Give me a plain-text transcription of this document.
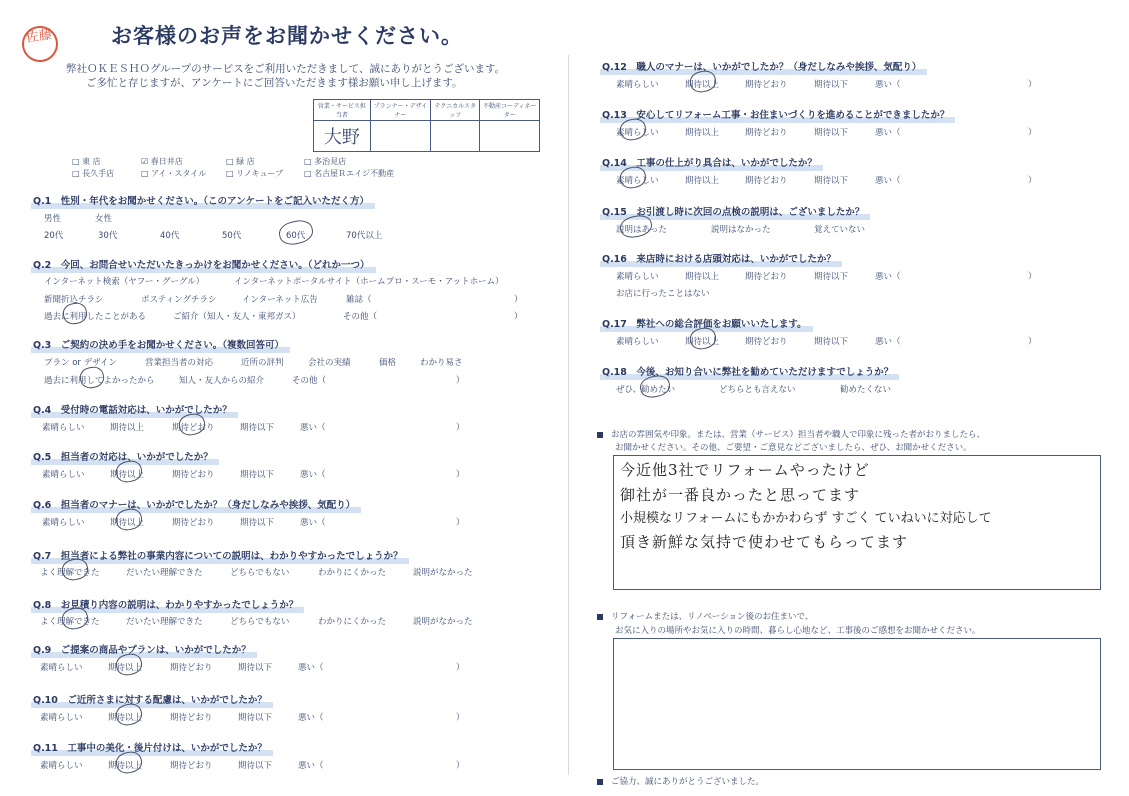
佐藤	お客様のお声をお聞かせください。
弊社ＯＫＥＳＨＯグループのサービスをご利用いただきまして、誠にありがとうございます。
ご多忙と存じますが、アンケートにご回答いただきます様お願い申し上げます。
営業・サービス担当者	プランナー・デザイナー	テクニカルスタッフ	不動産コーディネーター
大野			
□ 東 店	☑ 春日井店	□ 緑 店	□ 多治見店
□ 長久手店	□ アイ・スタイル □ リノキューブ	□ 名古屋Ｒエイジ不動産
Q.1　性別・年代をお聞かせください。（このアンケートをご記入いただく方）
男性	女性
20代	30代	40代	50代	60代	70代以上
Q.2　今回、お問合せいただいたきっかけをお聞かせください。（どれか一つ）
インターネット検索（ヤフー・グーグル）	インターネットポータルサイト（ホームプロ・スーモ・アットホーム）
新聞折込チラシ	ポスティングチラシ	インターネット広告	雑誌（	）
過去に利用したことがある	ご紹介（知人・友人・東邦ガス）	その他（	）
Q.3　ご契約の決め手をお聞かせください。（複数回答可）
プラン or デザイン	営業担当者の対応	近所の評判	会社の実績	価格	わかり易さ
過去に利用してよかったから	知人・友人からの紹介	その他（	）
Q.4　受付時の電話対応は、いかがでしたか？
素晴らしい	期待以上	期待どおり	期待以下	悪い（	）
Q.5　担当者の対応は、いかがでしたか？
素晴らしい	期待以上	期待どおり	期待以下	悪い（	）
Q.6　担当者のマナーは、いかがでしたか？（身だしなみや挨拶、気配り）
素晴らしい	期待以上	期待どおり	期待以下	悪い（	）
Q.7　担当者による弊社の事業内容についての説明は、わかりやすかったでしょうか？
よく理解できた	だいたい理解できた	どちらでもない	わかりにくかった	説明がなかった
Q.8　お見積り内容の説明は、わかりやすかったでしょうか？
よく理解できた	だいたい理解できた	どちらでもない	わかりにくかった	説明がなかった
Q.9　ご提案の商品やプランは、いかがでしたか？
素晴らしい	期待以上	期待どおり	期待以下	悪い（	）
Q.10　ご近所さまに対する配慮は、いかがでしたか？
素晴らしい	期待以上	期待どおり	期待以下	悪い（	）
Q.11　工事中の美化・後片付けは、いかがでしたか？
素晴らしい	期待以上	期待どおり	期待以下	悪い（	）
Q.12　職人のマナーは、いかがでしたか？（身だしなみや挨拶、気配り）
素晴らしい	期待以上	期待どおり	期待以下	悪い（	）
Q.13　安心してリフォーム工事・お住まいづくりを進めることができましたか？
素晴らしい	期待以上	期待どおり	期待以下	悪い（	）
Q.14　工事の仕上がり具合は、いかがでしたか？
素晴らしい	期待以上	期待どおり	期待以下	悪い（	）
Q.15　お引渡し時に次回の点検の説明は、ございましたか？
説明はあった	説明はなかった	覚えていない
Q.16　来店時における店頭対応は、いかがでしたか？
素晴らしい	期待以上	期待どおり	期待以下	悪い（	）
お店に行ったことはない
Q.17　弊社への総合評価をお願いいたします。
素晴らしい	期待以上	期待どおり	期待以下	悪い（	）
Q.18　今後、お知り合いに弊社を勧めていただけますでしょうか？
ぜひ、勧めたい	どちらとも言えない	勧めたくない
お店の雰囲気や印象。または、営業（サービス）担当者や職人で印象に残った者がおりましたら、
お聞かせください。その他、ご要望・ご意見などございましたら、ぜひ、お聞かせください。
今近他3社でリフォームやったけど
御社が一番良かったと思ってます
小規模なリフォームにもかかわらず すごく ていねいに対応して
頂き新鮮な気持で使わせてもらってます
リフォームまたは、リノベーション後のお住まいで、
お気に入りの場所やお気に入りの時間、暮らし心地など、工事後のご感想をお聞かせください。
ご協力、誠にありがとうございました。
